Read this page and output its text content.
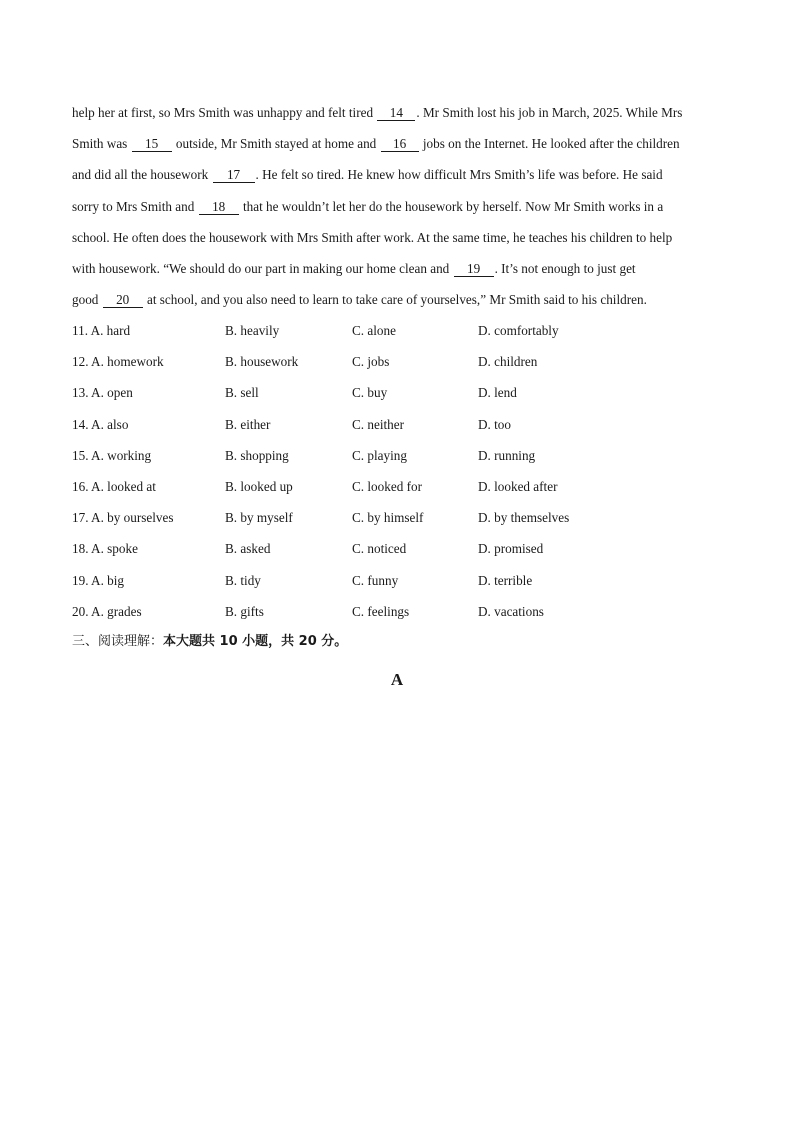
help her at first, so Mrs Smith was unhappy and felt tired 14 . Mr Smith lost his job in March, 2025. While Mrs
Smith was 15 outside, Mr Smith stayed at home and 16 jobs on the Internet. He looked after the children
and did all the housework 17 . He felt so tired. He knew how difficult Mrs Smith’s life was before. He said
sorry to Mrs Smith and 18 that he wouldn’t let her do the housework by herself. Now Mr Smith works in a
school. He often does the housework with Mrs Smith after work. At the same time, he teaches his children to help
with housework. “We should do our part in making our home clean and 19 . It’s not enough to just get
good 20 at school, and you also need to learn to take care of yourselves,” Mr Smith said to his children.
11. A. hard	B. heavily	C. alone	D. comfortably
12. A. homework	B. housework	C. jobs	D. children
13. A. open	B. sell	C. buy	D. lend
14. A. also	B. either	C. neither	D. too
15. A. working	B. shopping	C. playing	D. running
16. A. looked at	B. looked up	C. looked for	D. looked after
17. A. by ourselves	B. by myself	C. by himself	D. by themselves
18. A. spoke	B. asked	C. noticed	D. promised
19. A. big	B. tidy	C. funny	D. terrible
20. A. grades	B. gifts	C. feelings	D. vacations
三、阅读理解：本大题共 10 小题，共 20 分。
A
